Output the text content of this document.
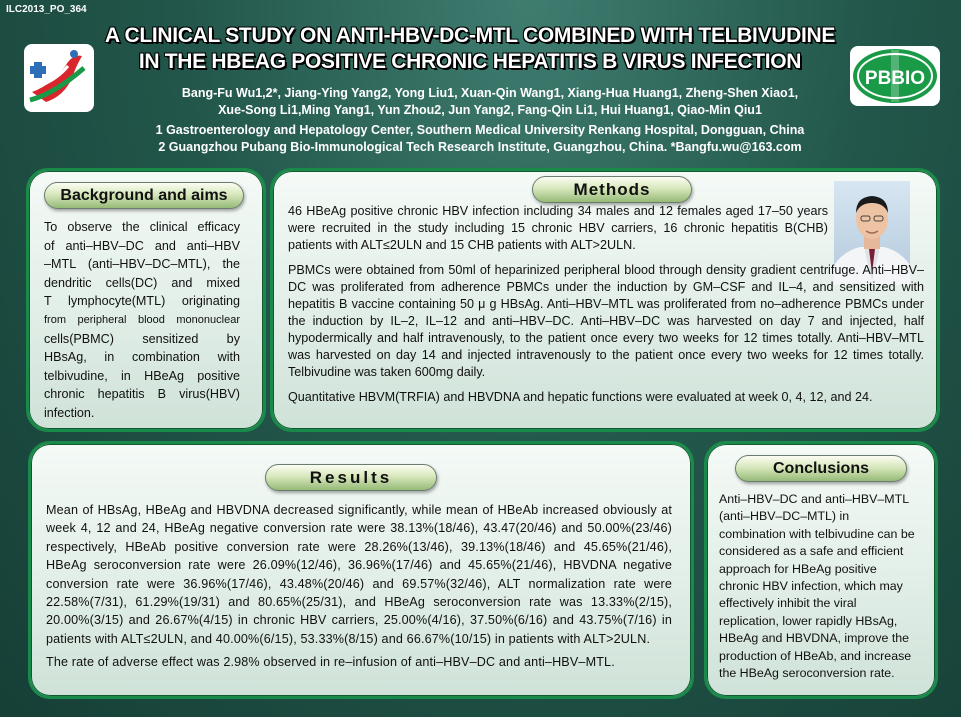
ILC2013_PO_364
PBBIO
A CLINICAL STUDY ON ANTI-HBV-DC-MTL COMBINED WITH TELBIVUDINE
IN THE HBEAG POSITIVE CHRONIC HEPATITIS B VIRUS INFECTION
Bang-Fu Wu1,2*, Jiang-Ying Yang2, Yong Liu1, Xuan-Qin Wang1, Xiang-Hua Huang1, Zheng-Shen Xiao1,
Xue-Song Li1,Ming Yang1, Yun Zhou2, Jun Yang2, Fang-Qin Li1, Hui Huang1, Qiao-Min Qiu1
1 Gastroenterology and Hepatology Center, Southern Medical University Renkang Hospital, Dongguan, China
2 Guangzhou Pubang Bio-Immunological Tech Research Institute, Guangzhou, China. *Bangfu.wu@163.com
Background and aims
To observe the clinical efficacy
of anti–HBV–DC and anti–HBV
–MTL (anti–HBV–DC–MTL), the
dendritic cells(DC) and mixed
T lymphocyte(MTL) originating
from peripheral blood mononuclear
cells(PBMC) sensitized by
HBsAg, in combination with
telbivudine, in HBeAg positive
chronic hepatitis B virus(HBV)
infection.
Methods

46 HBeAg positive chronic HBV infection including 34 males and 12 females aged 17–50 years were recruited in the study including 15 chronic HBV carriers, 16 chronic hepatitis B(CHB) patients with ALT≤2ULN and 15 CHB patients with ALT>2ULN.

PBMCs were obtained from 50ml of heparinized peripheral blood through density gradient centrifuge. Anti–HBV–DC was proliferated from adherence PBMCs under the induction by GM–CSF and IL–4, and sensitized with hepatitis B vaccine containing 50 μ g HBsAg. Anti–HBV–MTL was proliferated from no–adherence PBMCs under the induction by IL–2, IL–12 and anti–HBV–DC. Anti–HBV–DC was harvested on day 7 and injected, half hypodermically and half intravenously, to the patient once every two weeks for 12 times totally. Anti–HBV–MTL was harvested on day 14 and injected intravenously to the patient once every two weeks for 12 times totally. Telbivudine was taken 600mg daily.

Quantitative HBVM(TRFIA) and HBVDNA and hepatic functions were evaluated at week 0, 4, 12, and 24.

Results

Mean of HBsAg, HBeAg and HBVDNA decreased significantly, while mean of HBeAb increased obviously at week 4, 12 and 24, HBeAg negative conversion rate were 38.13%(18/46), 43.47(20/46) and 50.00%(23/46) respectively, HBeAb positive conversion rate were 28.26%(13/46), 39.13%(18/46) and 45.65%(21/46), HBeAg seroconversion rate were 26.09%(12/46), 36.96%(17/46) and 45.65%(21/46), HBVDNA negative conversion rate were 36.96%(17/46), 43.48%(20/46) and 69.57%(32/46), ALT normalization rate were 22.58%(7/31), 61.29%(19/31) and 80.65%(25/31), and HBeAg seroconversion rate was 13.33%(2/15), 20.00%(3/15) and 26.67%(4/15) in chronic HBV carriers, 25.00%(4/16), 37.50%(6/16) and 43.75%(7/16) in patients with ALT≤2ULN, and 40.00%(6/15), 53.33%(8/15) and 66.67%(10/15) in patients with ALT>2ULN.

The rate of adverse effect was 2.98% observed in re–infusion of anti–HBV–DC and anti–HBV–MTL.

Conclusions

Anti–HBV–DC and anti–HBV–MTL (anti–HBV–DC–MTL) in combination with telbivudine can be considered as a safe and efficient approach for HBeAg positive chronic HBV infection, which may effectively inhibit the viral replication, lower rapidly HBsAg, HBeAg and HBVDNA, improve the production of HBeAb, and increase the HBeAg seroconversion rate.
